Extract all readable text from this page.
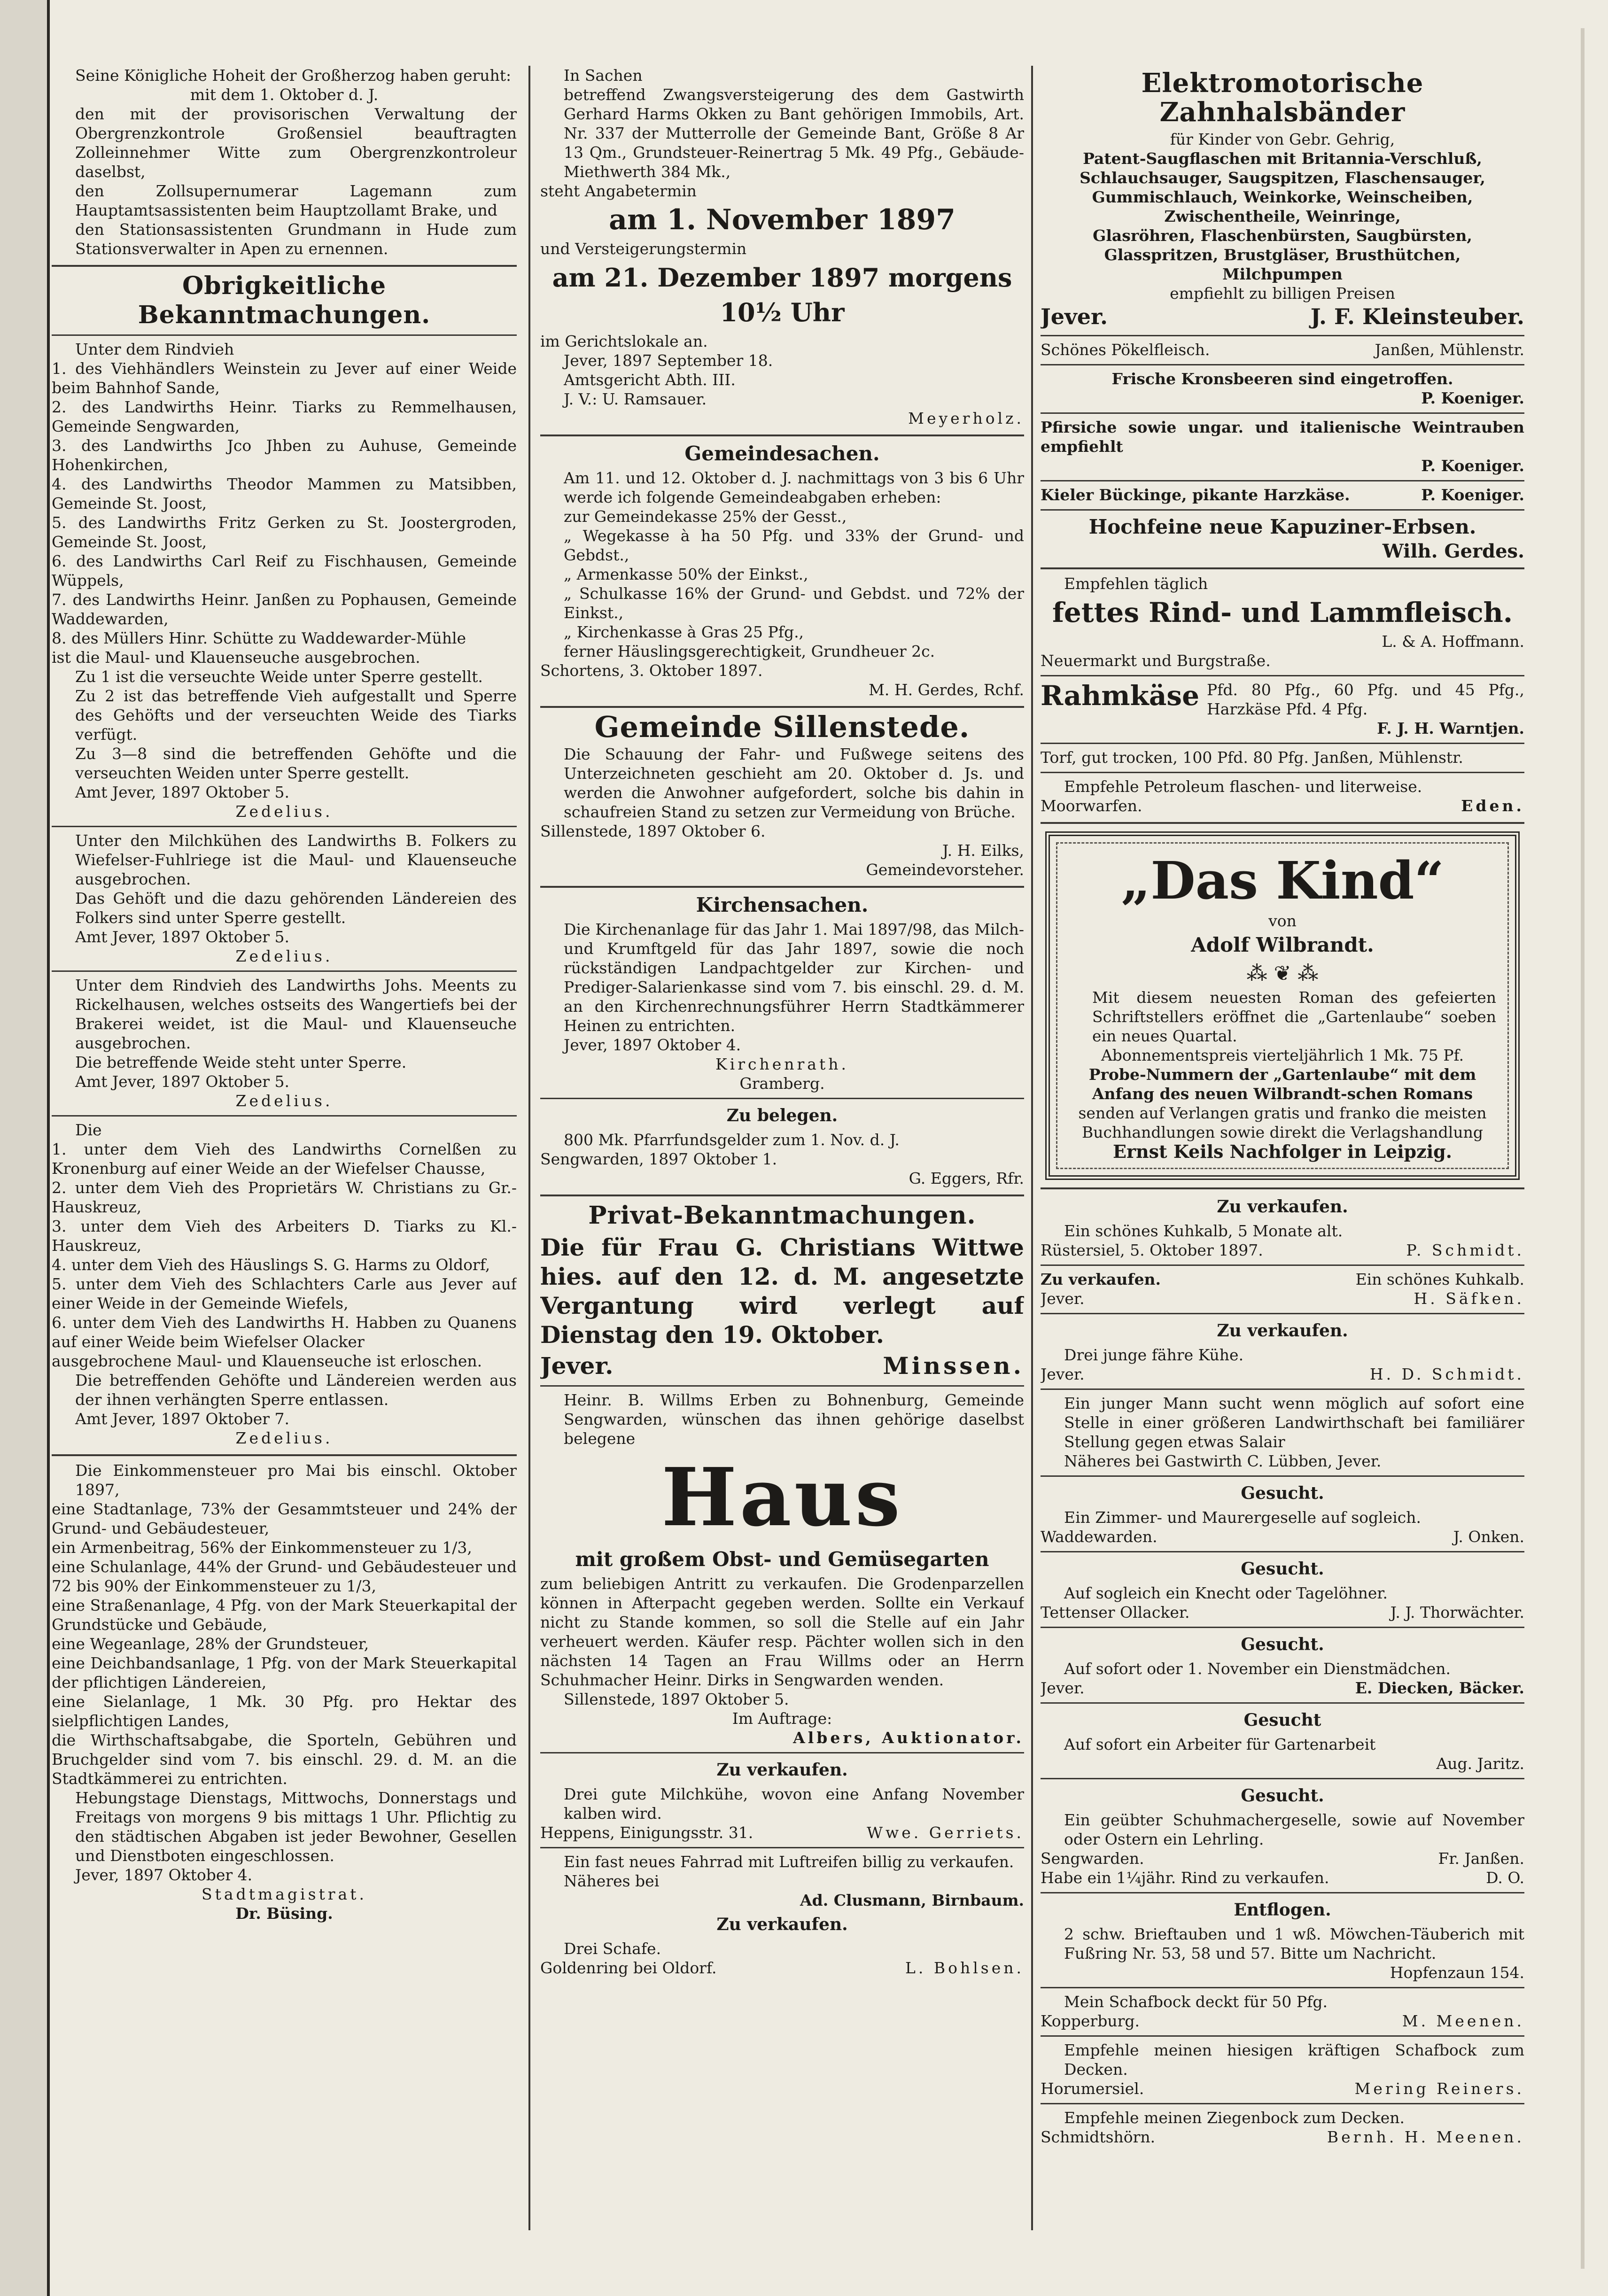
Seine Königliche Hoheit der Großherzog haben geruht:

mit dem 1. Oktober d. J.

den mit der provisorischen Verwaltung der Obergrenzkontrole Großensiel beauftragten Zolleinnehmer Witte zum Obergrenzkontroleur daselbst,

den Zollsupernumerar Lagemann zum Hauptamtsassistenten beim Hauptzollamt Brake, und

den Stationsassistenten Grundmann in Hude zum Stationsverwalter in Apen zu ernennen.

Obrigkeitliche Bekanntmachungen.

Unter dem Rindvieh

1. des Viehhändlers Weinstein zu Jever auf einer Weide beim Bahnhof Sande,

2. des Landwirths Heinr. Tiarks zu Remmelhausen, Gemeinde Sengwarden,

3. des Landwirths Jco Jhben zu Auhuse, Gemeinde Hohenkirchen,

4. des Landwirths Theodor Mammen zu Matsibben, Gemeinde St. Joost,

5. des Landwirths Fritz Gerken zu St. Joostergroden, Gemeinde St. Joost,

6. des Landwirths Carl Reif zu Fischhausen, Gemeinde Wüppels,

7. des Landwirths Heinr. Janßen zu Pophausen, Gemeinde Waddewarden,

8. des Müllers Hinr. Schütte zu Waddewarder-Mühle

ist die Maul- und Klauenseuche ausgebrochen.

Zu 1 ist die verseuchte Weide unter Sperre gestellt.

Zu 2 ist das betreffende Vieh aufgestallt und Sperre des Gehöfts und der verseuchten Weide des Tiarks verfügt.

Zu 3—8 sind die betreffenden Gehöfte und die verseuchten Weiden unter Sperre gestellt.

Amt Jever, 1897 Oktober 5.

Zedelius.

Unter den Milchkühen des Landwirths B. Folkers zu Wiefelser-Fuhlriege ist die Maul- und Klauenseuche ausgebrochen.

Das Gehöft und die dazu gehörenden Ländereien des Folkers sind unter Sperre gestellt.

Amt Jever, 1897 Oktober 5.

Zedelius.

Unter dem Rindvieh des Landwirths Johs. Meents zu Rickelhausen, welches ostseits des Wangertiefs bei der Brakerei weidet, ist die Maul- und Klauenseuche ausgebrochen.

Die betreffende Weide steht unter Sperre.

Amt Jever, 1897 Oktober 5.

Zedelius.

Die

1. unter dem Vieh des Landwirths Cornelßen zu Kronenburg auf einer Weide an der Wiefelser Chausse,

2. unter dem Vieh des Proprietärs W. Christians zu Gr.-Hauskreuz,

3. unter dem Vieh des Arbeiters D. Tiarks zu Kl.-Hauskreuz,

4. unter dem Vieh des Häuslings S. G. Harms zu Oldorf,

5. unter dem Vieh des Schlachters Carle aus Jever auf einer Weide in der Gemeinde Wiefels,

6. unter dem Vieh des Landwirths H. Habben zu Quanens auf einer Weide beim Wiefelser Olacker

ausgebrochene Maul- und Klauenseuche ist erloschen.

Die betreffenden Gehöfte und Ländereien werden aus der ihnen verhängten Sperre entlassen.

Amt Jever, 1897 Oktober 7.

Zedelius.

Die Einkommensteuer pro Mai bis einschl. Oktober 1897,

eine Stadtanlage, 73% der Gesammtsteuer und 24% der Grund- und Gebäudesteuer,

ein Armenbeitrag, 56% der Einkommensteuer zu 1/3,

eine Schulanlage, 44% der Grund- und Gebäudesteuer und 72 bis 90% der Einkommensteuer zu 1/3,

eine Straßenanlage, 4 Pfg. von der Mark Steuerkapital der Grundstücke und Gebäude,

eine Wegeanlage, 28% der Grundsteuer,

eine Deichbandsanlage, 1 Pfg. von der Mark Steuerkapital der pflichtigen Ländereien,

eine Sielanlage, 1 Mk. 30 Pfg. pro Hektar des sielpflichtigen Landes,

die Wirthschaftsabgabe, die Sporteln, Gebühren und Bruchgelder sind vom 7. bis einschl. 29. d. M. an die Stadtkämmerei zu entrichten.

Hebungstage Dienstags, Mittwochs, Donnerstags und Freitags von morgens 9 bis mittags 1 Uhr. Pflichtig zu den städtischen Abgaben ist jeder Bewohner, Gesellen und Dienstboten eingeschlossen.

Jever, 1897 Oktober 4.

Stadtmagistrat.

Dr. Büsing.

In Sachen

betreffend Zwangsversteigerung des dem Gastwirth Gerhard Harms Okken zu Bant gehörigen Immobils, Art. Nr. 337 der Mutterrolle der Gemeinde Bant, Größe 8 Ar 13 Qm., Grundsteuer-Reinertrag 5 Mk. 49 Pfg., Gebäude-Miethwerth 384 Mk.,

steht Angabetermin

am 1. November 1897

und Versteigerungstermin

am 21. Dezember 1897 morgens 10½ Uhr

im Gerichtslokale an.

Jever, 1897 September 18.

Amtsgericht Abth. III.

J. V.: U. Ramsauer.

Meyerholz.

Gemeindesachen.

Am 11. und 12. Oktober d. J. nachmittags von 3 bis 6 Uhr werde ich folgende Gemeindeabgaben erheben:

zur Gemeindekasse 25% der Gesst.,

„ Wegekasse à ha 50 Pfg. und 33% der Grund- und Gebdst.,

„ Armenkasse 50% der Einkst.,

„ Schulkasse 16% der Grund- und Gebdst. und 72% der Einkst.,

„ Kirchenkasse à Gras 25 Pfg.,

ferner Häuslingsgerechtigkeit, Grundheuer 2c.

Schortens, 3. Oktober 1897.

M. H. Gerdes, Rchf.

Gemeinde Sillenstede.

Die Schauung der Fahr- und Fußwege seitens des Unterzeichneten geschieht am 20. Oktober d. Js. und werden die Anwohner aufgefordert, solche bis dahin in schaufreien Stand zu setzen zur Vermeidung von Brüche.

Sillenstede, 1897 Oktober 6.

J. H. Eilks,

Gemeindevorsteher.

Kirchensachen.

Die Kirchenanlage für das Jahr 1. Mai 1897/98, das Milch- und Krumftgeld für das Jahr 1897, sowie die noch rückständigen Landpachtgelder zur Kirchen- und Prediger-Salarienkasse sind vom 7. bis einschl. 29. d. M. an den Kirchenrechnungsführer Herrn Stadtkämmerer Heinen zu entrichten.

Jever, 1897 Oktober 4.

Kirchenrath.

Gramberg.

Zu belegen.

800 Mk. Pfarrfundsgelder zum 1. Nov. d. J.

Sengwarden, 1897 Oktober 1.

G. Eggers, Rfr.

Privat-Bekanntmachungen.
Die für Frau G. Christians Wittwe hies. auf den 12. d. M. angesetzte Vergantung wird verlegt auf Dienstag den 19. Oktober.
Jever.	Minssen.

Heinr. B. Willms Erben zu Bohnenburg, Gemeinde Sengwarden, wünschen das ihnen gehörige daselbst belegene

Haus
mit großem Obst- und Gemüsegarten

zum beliebigen Antritt zu verkaufen. Die Grodenparzellen können in Afterpacht gegeben werden. Sollte ein Verkauf nicht zu Stande kommen, so soll die Stelle auf ein Jahr verheuert werden. Käufer resp. Pächter wollen sich in den nächsten 14 Tagen an Frau Willms oder an Herrn Schuhmacher Heinr. Dirks in Sengwarden wenden.

Sillenstede, 1897 Oktober 5.

Im Auftrage:

Albers, Auktionator.

Zu verkaufen.

Drei gute Milchkühe, wovon eine Anfang November kalben wird.

Heppens, Einigungsstr. 31.	Wwe. Gerriets.

Ein fast neues Fahrrad mit Luftreifen billig zu verkaufen.

Näheres bei

Ad. Clusmann, Birnbaum.

Zu verkaufen.

Drei Schafe.

Goldenring bei Oldorf.	L. Bohlsen.
Elektromotorische Zahnhalsbänder

für Kinder von Gebr. Gehrig,

Patent-Saugflaschen mit Britannia-Verschluß,

Schlauchsauger, Saugspitzen, Flaschensauger,

Gummischlauch, Weinkorke, Weinscheiben,

Zwischentheile, Weinringe,

Glasröhren, Flaschenbürsten, Saugbürsten,

Glasspritzen, Brustgläser, Brusthütchen,

Milchpumpen

empfiehlt zu billigen Preisen

Jever.	J. F. Kleinsteuber.
Schönes Pökelfleisch.	Janßen, Mühlenstr.

Frische Kronsbeeren sind eingetroffen.

P. Koeniger.

Pfirsiche sowie ungar. und italienische Weintrauben empfiehlt

P. Koeniger.

Kieler Bückinge, pikante Harzkäse.	P. Koeniger.
Hochfeine neue Kapuziner-Erbsen.

Wilh. Gerdes.

Empfehlen täglich

fettes Rind- und Lammfleisch.

L. & A. Hoffmann.

Neuermarkt und Burgstraße.

Rahmkäse Pfd. 80 Pfg., 60 Pfg. und 45 Pfg., Harzkäse Pfd. 4 Pfg.

F. J. H. Warntjen.

Torf, gut trocken, 100 Pfd. 80 Pfg. Janßen, Mühlenstr.

Empfehle Petroleum flaschen- und literweise.

Moorwarfen.	Eden.
„Das Kind“

von

Adolf Wilbrandt.
⁂ ❦ ⁂

Mit diesem neuesten Roman des gefeierten Schriftstellers eröffnet die „Gartenlaube“ soeben ein neues Quartal.

Abonnementspreis vierteljährlich 1 Mk. 75 Pf.

Probe-Nummern der „Gartenlaube“ mit dem Anfang des neuen Wilbrandt-schen Romans

senden auf Verlangen gratis und franko die meisten Buchhandlungen sowie direkt die Verlagshandlung

Ernst Keils Nachfolger in Leipzig.

Zu verkaufen.

Ein schönes Kuhkalb, 5 Monate alt.

Rüstersiel, 5. Oktober 1897.	P. Schmidt.
Zu verkaufen.	Ein schönes Kuhkalb.
Jever.	H. Säfken.
Zu verkaufen.

Drei junge fähre Kühe.

Jever.	H. D. Schmidt.

Ein junger Mann sucht wenn möglich auf sofort eine Stelle in einer größeren Landwirthschaft bei familiärer Stellung gegen etwas Salair

Näheres bei Gastwirth C. Lübben, Jever.

Gesucht.

Ein Zimmer- und Maurergeselle auf sogleich.

Waddewarden.	J. Onken.
Gesucht.

Auf sogleich ein Knecht oder Tagelöhner.

Tettenser Ollacker.	J. J. Thorwächter.
Gesucht.

Auf sofort oder 1. November ein Dienstmädchen.

Jever.	E. Diecken, Bäcker.
Gesucht

Auf sofort ein Arbeiter für Gartenarbeit

Aug. Jaritz.

Gesucht.

Ein geübter Schuhmachergeselle, sowie auf November oder Ostern ein Lehrling.

Sengwarden.	Fr. Janßen.
Habe ein 1¼jähr. Rind zu verkaufen.	D. O.
Entflogen.

2 schw. Brieftauben und 1 wß. Möwchen-Täuberich mit Fußring Nr. 53, 58 und 57. Bitte um Nachricht.

Hopfenzaun 154.

Mein Schafbock deckt für 50 Pfg.

Kopperburg.	M. Meenen.

Empfehle meinen hiesigen kräftigen Schafbock zum Decken.

Horumersiel.	Mering Reiners.

Empfehle meinen Ziegenbock zum Decken.

Schmidtshörn.	Bernh. H. Meenen.
